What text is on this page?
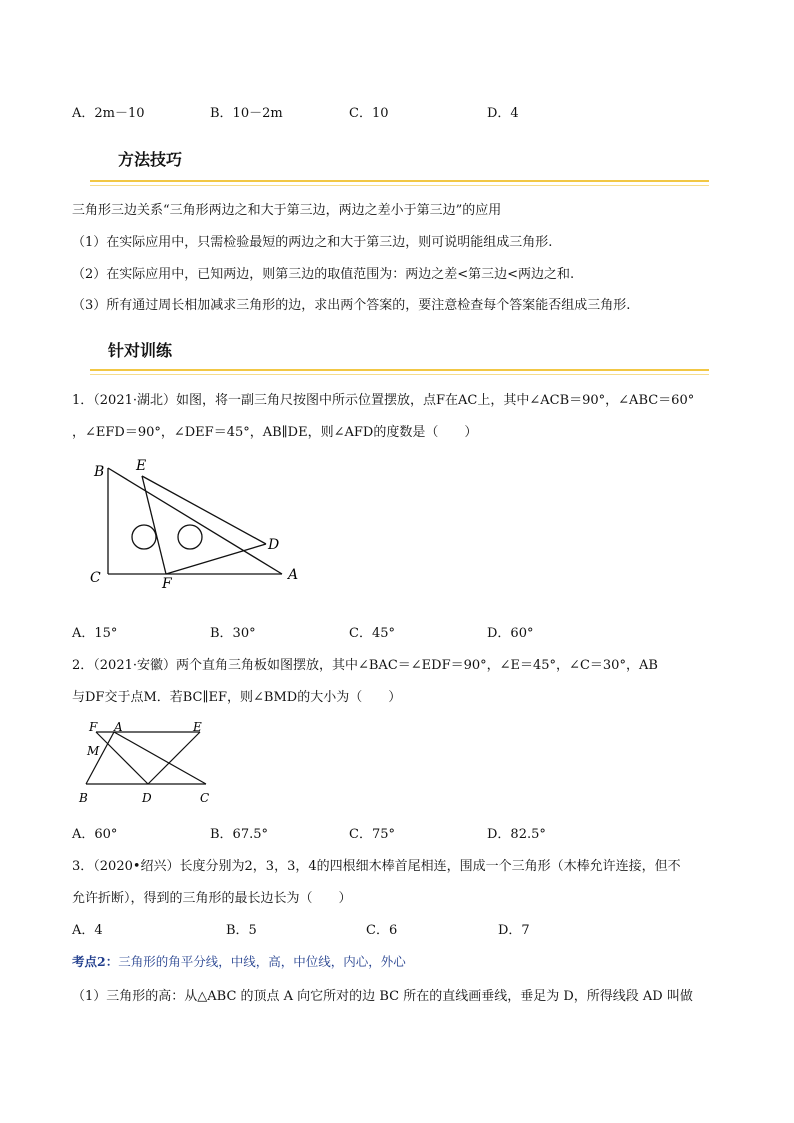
A．2m－10	B．10－2m	C．10	D．4
方法技巧
三角形三边关系“三角形两边之和大于第三边，两边之差小于第三边”的应用
（1）在实际应用中，只需检验最短的两边之和大于第三边，则可说明能组成三角形.
（2）在实际应用中，已知两边，则第三边的取值范围为：两边之差<第三边<两边之和.
（3）所有通过周长相加减求三角形的边，求出两个答案的，要注意检查每个答案能否组成三角形.
针对训练
1．（2021·湖北）如图，将一副三角尺按图中所示位置摆放，点F在AC上，其中∠ACB＝90°，∠ABC＝60°
，∠EFD＝90°，∠DEF＝45°，AB∥DE，则∠AFD的度数是（　　）
B E
D
C	F
A
A．15°	B．30°	C．45°	D．60°
2．（2021·安徽）两个直角三角板如图摆放，其中∠BAC＝∠EDF＝90°，∠E＝45°，∠C＝30°，AB
与DF交于点M．若BC∥EF，则∠BMD的大小为（　　）
F A	E
M
B	D	C
A．60°	B．67.5°	C．75°	D．82.5°
3．（2020•绍兴）长度分别为2，3，3，4的四根细木棒首尾相连，围成一个三角形（木棒允许连接，但不
允许折断），得到的三角形的最长边长为（　　）
A．4	B．5	C．6	D．7
考点2：三角形的角平分线，中线，高，中位线，内心，外心
（1）三角形的高：从△ABC 的顶点 A 向它所对的边 BC 所在的直线画垂线，垂足为 D，所得线段 AD 叫做
